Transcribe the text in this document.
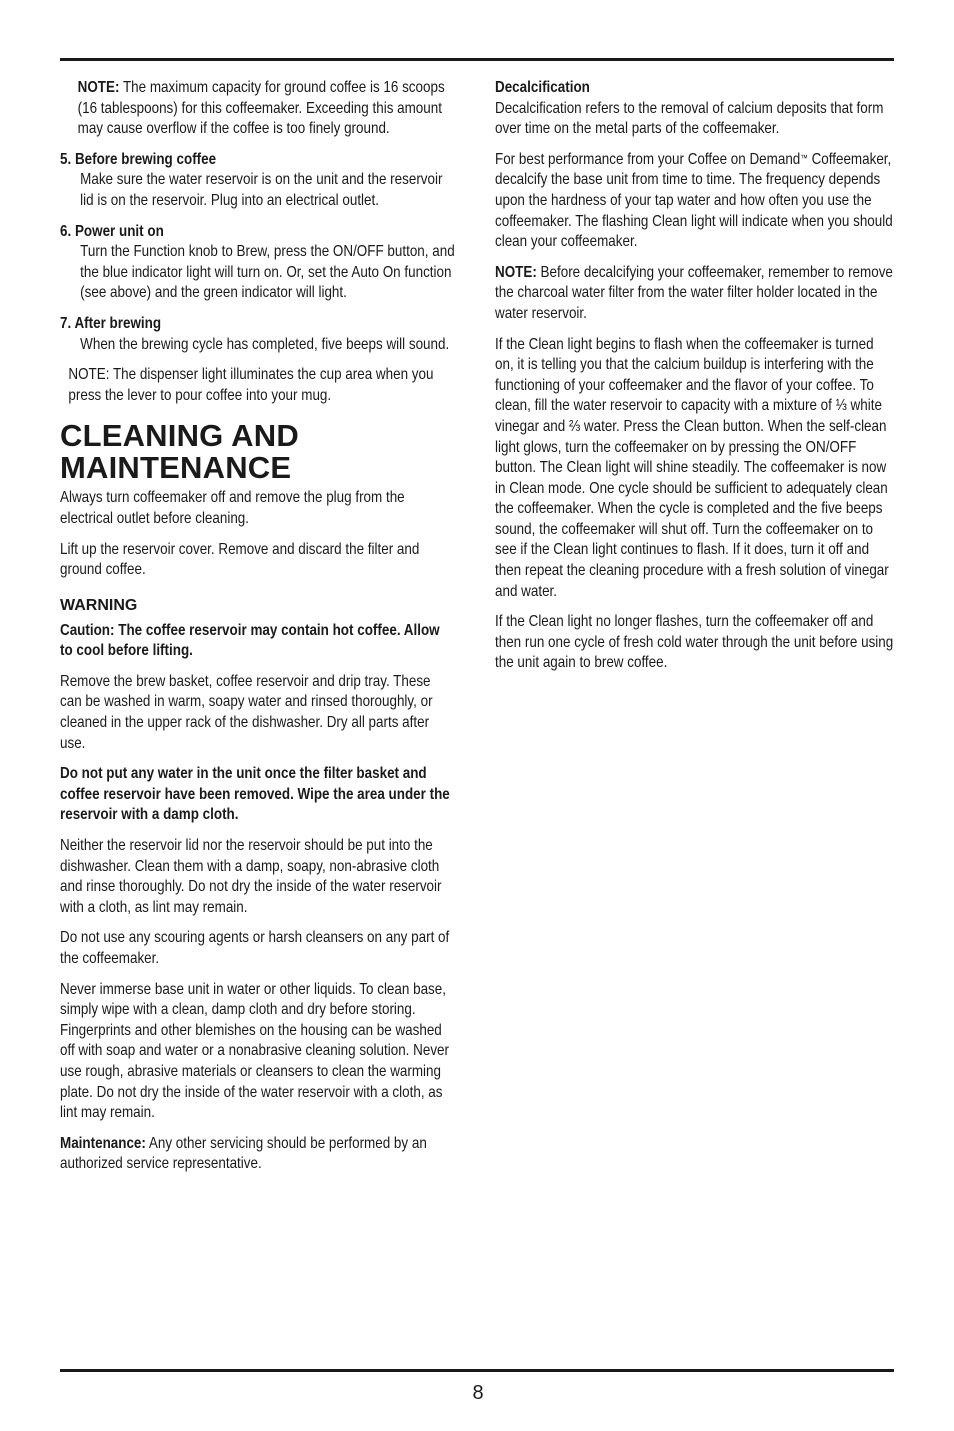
NOTE: The maximum capacity for ground coffee is 16 scoops (16 tablespoons) for this coffeemaker. Exceeding this amount may cause overflow if the coffee is too finely ground.

5. Before brewing coffee

Make sure the water reservoir is on the unit and the reservoir lid is on the reservoir. Plug into an electrical outlet.

6. Power unit on

Turn the Function knob to Brew, press the ON/OFF button, and the blue indicator light will turn on. Or, set the Auto On function (see above) and the green indicator will light.

7. After brewing

When the brewing cycle has completed, five beeps will sound.

NOTE: The dispenser light illuminates the cup area when you press the lever to pour coffee into your mug.

CLEANING AND MAINTENANCE

Always turn coffeemaker off and remove the plug from the electrical outlet before cleaning.

Lift up the reservoir cover. Remove and discard the filter and ground coffee.

WARNING

Caution: The coffee reservoir may contain hot coffee. Allow to cool before lifting.

Remove the brew basket, coffee reservoir and drip tray. These can be washed in warm, soapy water and rinsed thoroughly, or cleaned in the upper rack of the dishwasher. Dry all parts after use.

Do not put any water in the unit once the filter basket and coffee reservoir have been removed. Wipe the area under the reservoir with a damp cloth.

Neither the reservoir lid nor the reservoir should be put into the dishwasher. Clean them with a damp, soapy, non-abrasive cloth and rinse thoroughly. Do not dry the inside of the water reservoir with a cloth, as lint may remain.

Do not use any scouring agents or harsh cleansers on any part of the coffeemaker.

Never immerse base unit in water or other liquids. To clean base, simply wipe with a clean, damp cloth and dry before storing. Fingerprints and other blemishes on the housing can be washed off with soap and water or a nonabrasive cleaning solution. Never use rough, abrasive materials or cleansers to clean the warming plate. Do not dry the inside of the water reservoir with a cloth, as lint may remain.

Maintenance: Any other servicing should be performed by an authorized service representative.

Decalcification
Decalcification refers to the removal of calcium deposits that form over time on the metal parts of the coffeemaker.

For best performance from your Coffee on Demand™ Coffeemaker, decalcify the base unit from time to time. The frequency depends upon the hardness of your tap water and how often you use the coffeemaker. The flashing Clean light will indicate when you should clean your coffeemaker.

NOTE: Before decalcifying your coffeemaker, remember to remove the charcoal water filter from the water filter holder located in the water reservoir.

If the Clean light begins to flash when the coffeemaker is turned on, it is telling you that the calcium buildup is interfering with the functioning of your coffeemaker and the flavor of your coffee. To clean, fill the water reservoir to capacity with a mixture of ⅓ white vinegar and ⅔ water. Press the Clean button. When the self-clean light glows, turn the coffeemaker on by pressing the ON/OFF button. The Clean light will shine steadily. The coffeemaker is now in Clean mode. One cycle should be sufficient to adequately clean the coffeemaker. When the cycle is completed and the five beeps sound, the coffeemaker will shut off. Turn the coffeemaker on to see if the Clean light continues to flash. If it does, turn it off and then repeat the cleaning procedure with a fresh solution of vinegar and water.

If the Clean light no longer flashes, turn the coffeemaker off and then run one cycle of fresh cold water through the unit before using the unit again to brew coffee.

8
